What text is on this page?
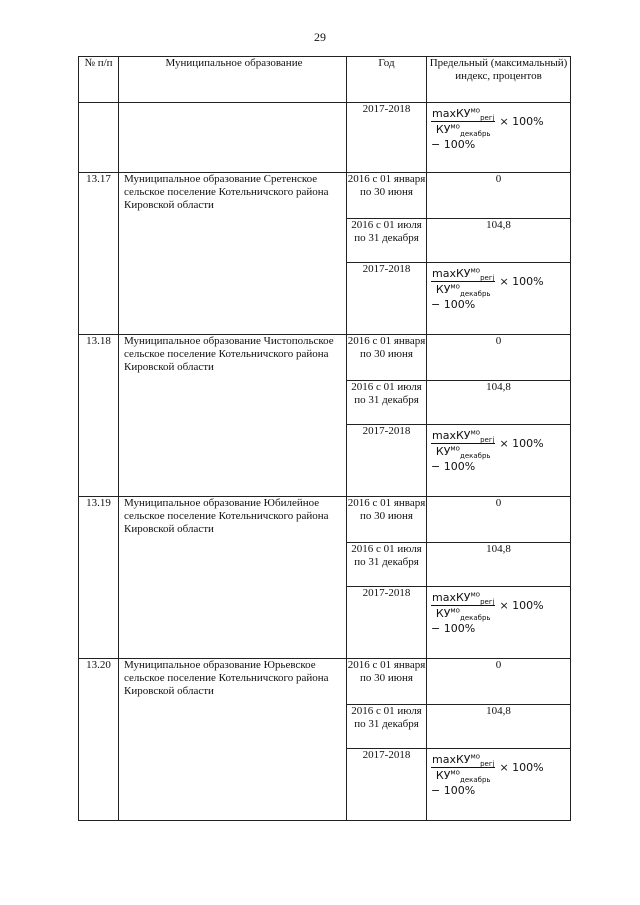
29
№ п/п	Муниципальное образование	Год	Предельный (максимальный) индекс, процентов

		2017-2018	$\frac{\max КУ^{мо}_{регj}}{КУ^{мо}_{декабрь}} \times 100\%$
− 100%

13.17	Муниципальное образование Сретенское сельское поселение Котельничского района Кировской области	2016 с 01 января по 30 июня	0

		2016 с 01 июля по 31 декабря	104,8

		2017-2018	$\frac{\max КУ^{мо}_{регj}}{КУ^{мо}_{декабрь}} \times 100\%$
− 100%

13.18	Муниципальное образование Чистопольское сельское поселение Котельничского района Кировской области	2016 с 01 января по 30 июня	0

		2016 с 01 июля по 31 декабря	104,8

		2017-2018	$\frac{\max КУ^{мо}_{регj}}{КУ^{мо}_{декабрь}} \times 100\%$
− 100%

13.19	Муниципальное образование Юбилейное сельское поселение Котельничского района Кировской области	2016 с 01 января по 30 июня	0

		2016 с 01 июля по 31 декабря	104,8

		2017-2018	$\frac{\max КУ^{мо}_{регj}}{КУ^{мо}_{декабрь}} \times 100\%$
− 100%

13.20	Муниципальное образование Юрьевское сельское поселение Котельничского района Кировской области	2016 с 01 января по 30 июня	0

		2016 с 01 июля по 31 декабря	104,8

		2017-2018	$\frac{\max КУ^{мо}_{регj}}{КУ^{мо}_{декабрь}} \times 100\%$
− 100%
